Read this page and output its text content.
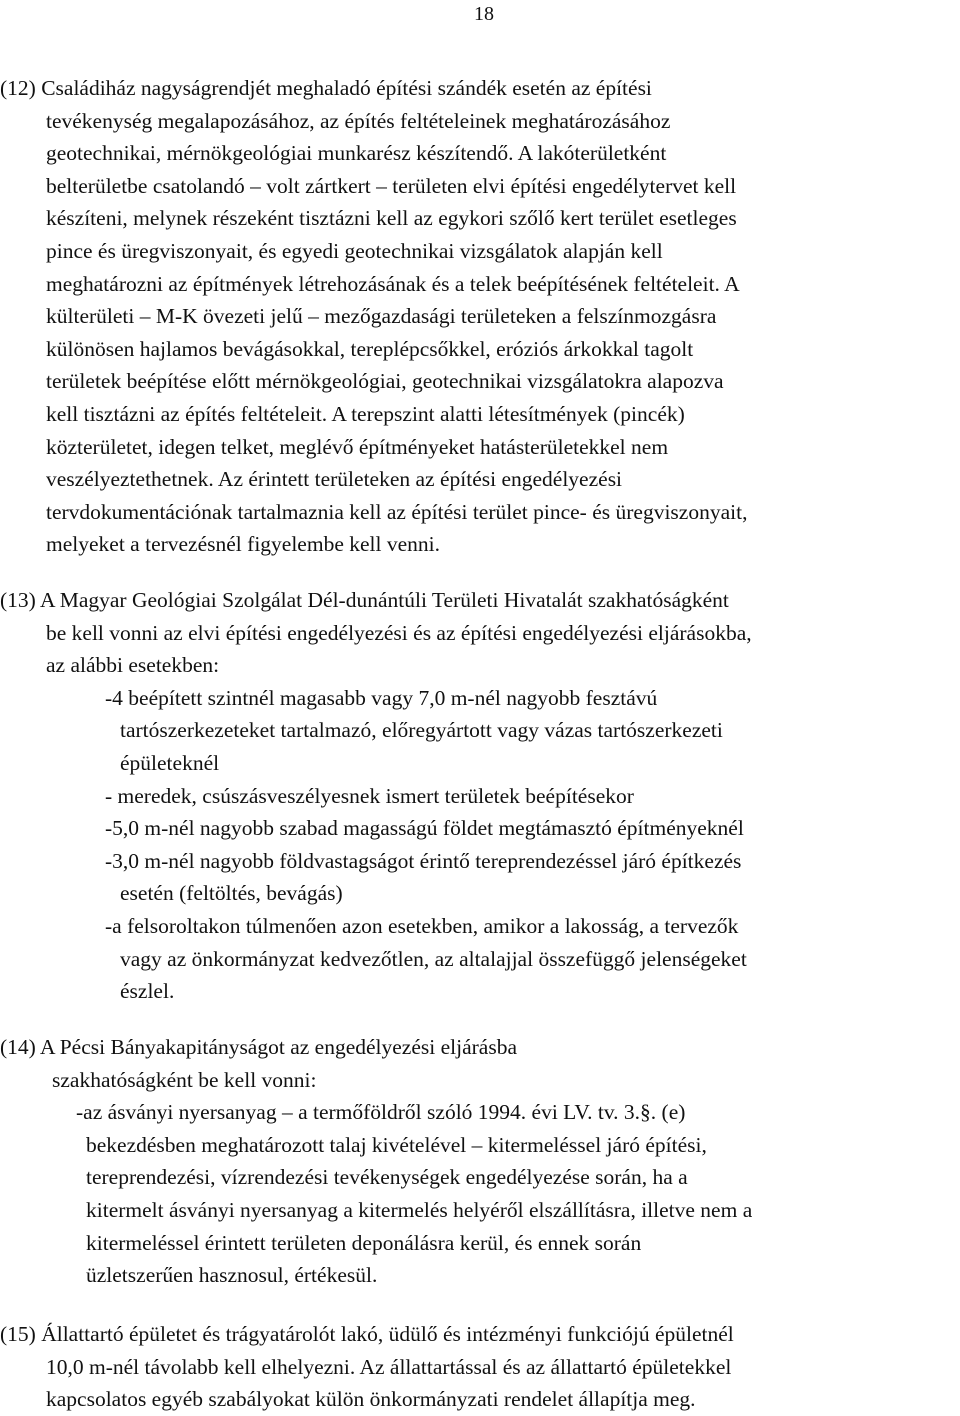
18
(12) Családiház nagyságrendjét meghaladó építési szándék esetén az építési
tevékenység megalapozásához, az építés feltételeinek meghatározásához
geotechnikai, mérnökgeológiai munkarész készítendő. A lakóterületként
belterületbe csatolandó – volt zártkert – területen elvi építési engedélytervet kell
készíteni, melynek részeként tisztázni kell az egykori szőlő kert terület esetleges
pince és üregviszonyait, és egyedi geotechnikai vizsgálatok alapján kell
meghatározni az építmények létrehozásának és a telek beépítésének feltételeit. A
külterületi – M-K övezeti jelű – mezőgazdasági területeken a felszínmozgásra
különösen hajlamos bevágásokkal, tereplépcsőkkel, eróziós árkokkal tagolt
területek beépítése előtt mérnökgeológiai, geotechnikai vizsgálatokra alapozva
kell tisztázni az építés feltételeit. A terepszint alatti létesítmények (pincék)
közterületet, idegen telket, meglévő építményeket hatásterületekkel nem
veszélyeztethetnek. Az érintett területeken az építési engedélyezési
tervdokumentációnak tartalmaznia kell az építési terület pince- és üregviszonyait,
melyeket a tervezésnél figyelembe kell venni.
(13) A Magyar Geológiai Szolgálat Dél-dunántúli Területi Hivatalát szakhatóságként
be kell vonni az elvi építési engedélyezési és az építési engedélyezési eljárásokba,
az alábbi esetekben:
-4 beépített szintnél magasabb vagy 7,0 m-nél nagyobb fesztávú
tartószerkezeteket tartalmazó, előregyártott vagy vázas tartószerkezeti
épületeknél
- meredek, csúszásveszélyesnek ismert területek beépítésekor
-5,0 m-nél nagyobb szabad magasságú földet megtámasztó építményeknél
-3,0 m-nél nagyobb földvastagságot érintő tereprendezéssel járó építkezés
esetén (feltöltés, bevágás)
-a felsoroltakon túlmenően azon esetekben, amikor a lakosság, a tervezők
vagy az önkormányzat kedvezőtlen, az altalajjal összefüggő jelenségeket
észlel.
(14) A Pécsi Bányakapitányságot az engedélyezési eljárásba
szakhatóságként be kell vonni:
-az ásványi nyersanyag – a termőföldről szóló 1994. évi LV. tv. 3.§. (e)
bekezdésben meghatározott talaj kivételével – kitermeléssel járó építési,
tereprendezési, vízrendezési tevékenységek engedélyezése során, ha a
kitermelt ásványi nyersanyag a kitermelés helyéről elszállításra, illetve nem a
kitermeléssel érintett területen deponálásra kerül, és ennek során
üzletszerűen hasznosul, értékesül.
(15) Állattartó épületet és trágyatárolót lakó, üdülő és intézményi funkciójú épületnél
10,0 m-nél távolabb kell elhelyezni. Az állattartással és az állattartó épületekkel
kapcsolatos egyéb szabályokat külön önkormányzati rendelet állapítja meg.
